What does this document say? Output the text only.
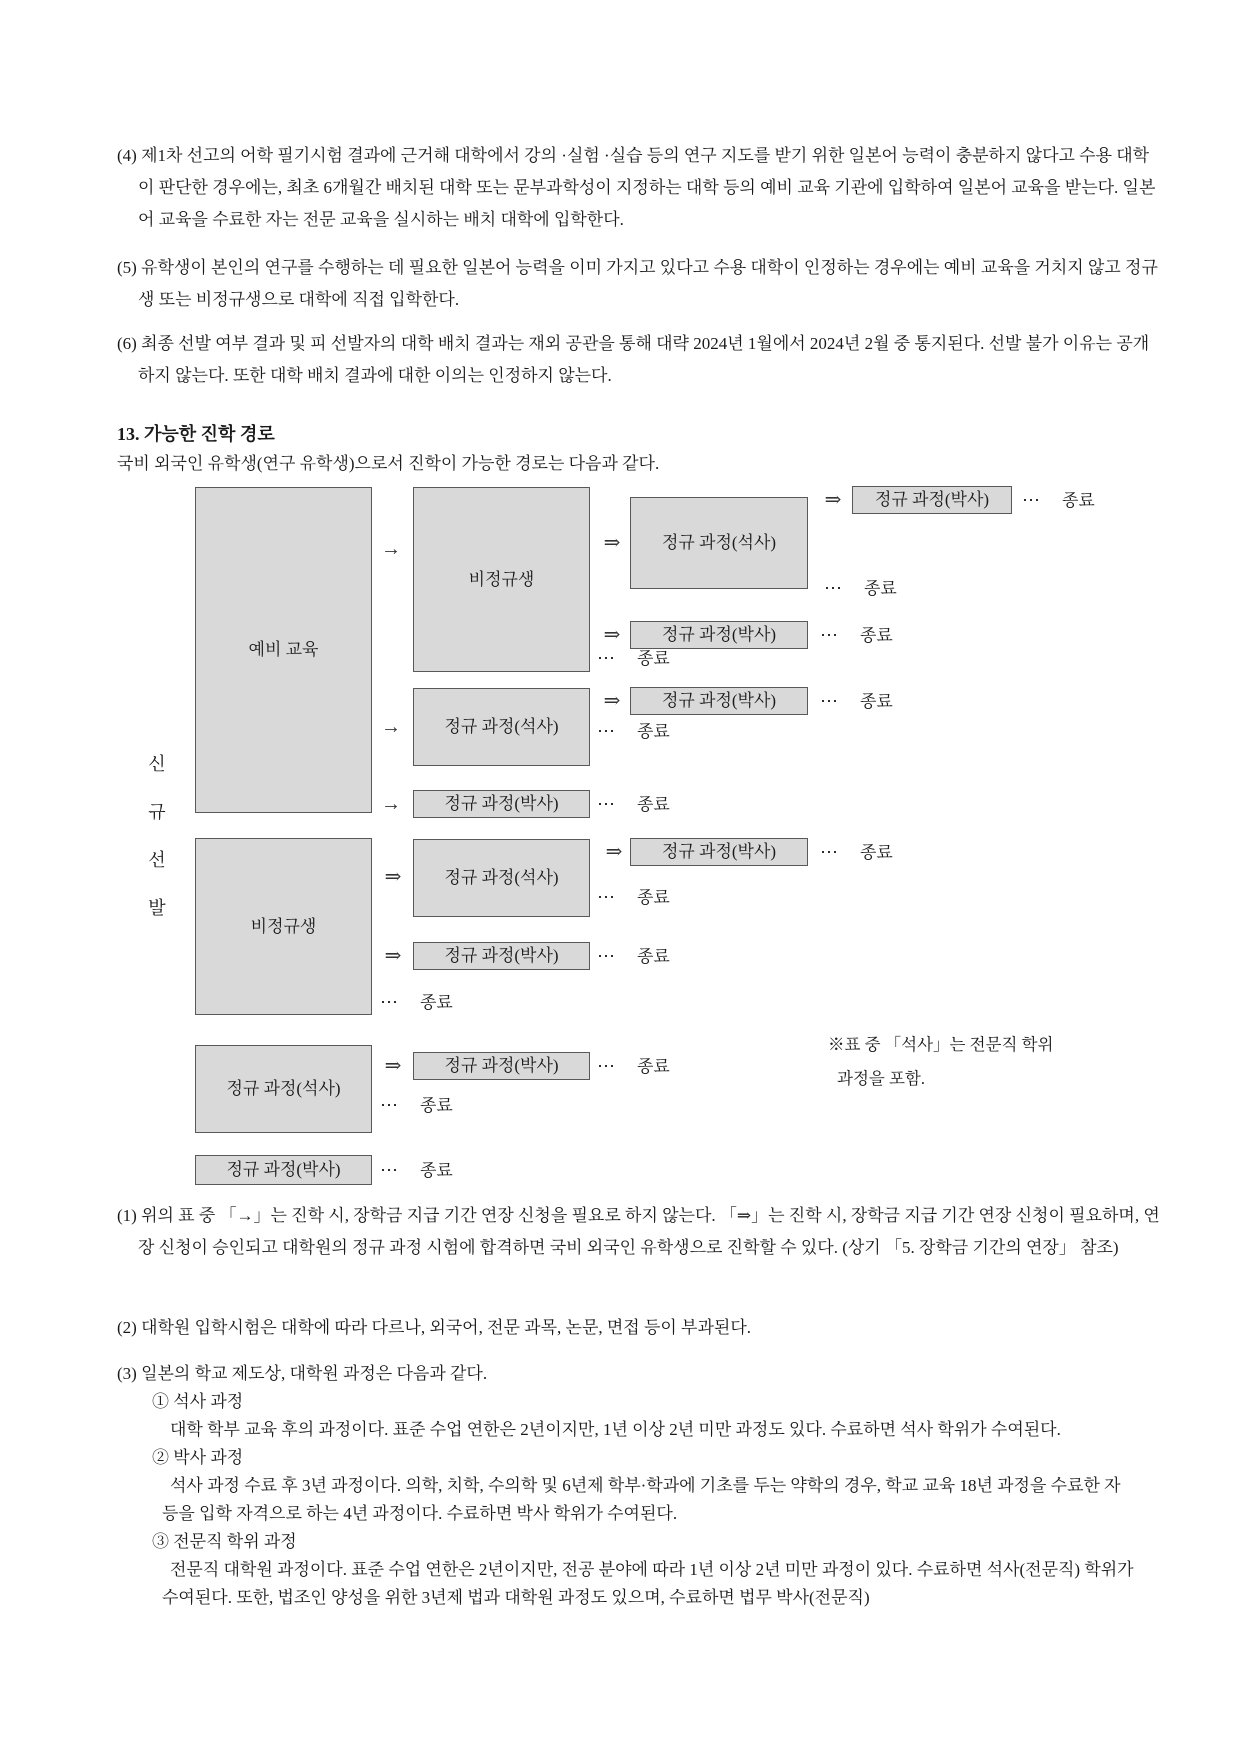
(4) 제1차 선고의 어학 필기시험 결과에 근거해 대학에서 강의 ·실험 ·실습 등의 연구 지도를 받기 위한 일본어 능력이 충분하지 않다고 수용 대학이 판단한 경우에는, 최초 6개월간 배치된 대학 또는 문부과학성이 지정하는 대학 등의 예비 교육 기관에 입학하여 일본어 교육을 받는다. 일본어 교육을 수료한 자는 전문 교육을 실시하는 배치 대학에 입학한다.
(5) 유학생이 본인의 연구를 수행하는 데 필요한 일본어 능력을 이미 가지고 있다고 수용 대학이 인정하는 경우에는 예비 교육을 거치지 않고 정규생 또는 비정규생으로 대학에 직접 입학한다.
(6) 최종 선발 여부 결과 및 피 선발자의 대학 배치 결과는 재외 공관을 통해 대략 2024년 1월에서 2024년 2월 중 통지된다. 선발 불가 이유는 공개하지 않는다. 또한 대학 배치 결과에 대한 이의는 인정하지 않는다.
13. 가능한 진학 경로
국비 외국인 유학생(연구 유학생)으로서 진학이 가능한 경로는 다음과 같다.
신
규
선
발
예비 교육
비정규생
정규 과정(석사)
정규 과정(박사)
→
비정규생
⇒	정규 과정(석사)
⇒	정규 과정(박사)	⋯ 종료
⋯ 종료
⇒	정규 과정(박사)	⋯ 종료
⋯ 종료
⇒	정규 과정(박사)	⋯ 종료
→	정규 과정(석사)	⋯ 종료
→	정규 과정(박사)	⋯ 종료
⇒	정규 과정(석사)
⇒	정규 과정(박사)	⋯ 종료
⋯ 종료
⇒	정규 과정(박사)	⋯ 종료
⋯ 종료
⇒	정규 과정(박사)	⋯ 종료
⋯ 종료
⋯ 종료
※표 중 「석사」는 전문직 학위
과정을 포함.
(1) 위의 표 중 「→」는 진학 시, 장학금 지급 기간 연장 신청을 필요로 하지 않는다. 「⇒」는 진학 시, 장학금 지급 기간 연장 신청이 필요하며, 연장 신청이 승인되고 대학원의 정규 과정 시험에 합격하면 국비 외국인 유학생으로 진학할 수 있다. (상기 「5. 장학금 기간의 연장」 참조)
(2) 대학원 입학시험은 대학에 따라 다르나, 외국어, 전문 과목, 논문, 면접 등이 부과된다.
(3) 일본의 학교 제도상, 대학원 과정은 다음과 같다.
① 석사 과정
대학 학부 교육 후의 과정이다. 표준 수업 연한은 2년이지만, 1년 이상 2년 미만 과정도 있다. 수료하면 석사 학위가 수여된다.
② 박사 과정
석사 과정 수료 후 3년 과정이다. 의학, 치학, 수의학 및 6년제 학부·학과에 기초를 두는 약학의 경우, 학교 교육 18년 과정을 수료한 자 등을 입학 자격으로 하는 4년 과정이다. 수료하면 박사 학위가 수여된다.
③ 전문직 학위 과정
전문직 대학원 과정이다. 표준 수업 연한은 2년이지만, 전공 분야에 따라 1년 이상 2년 미만 과정이 있다. 수료하면 석사(전문직) 학위가 수여된다. 또한, 법조인 양성을 위한 3년제 법과 대학원 과정도 있으며, 수료하면 법무 박사(전문직)
